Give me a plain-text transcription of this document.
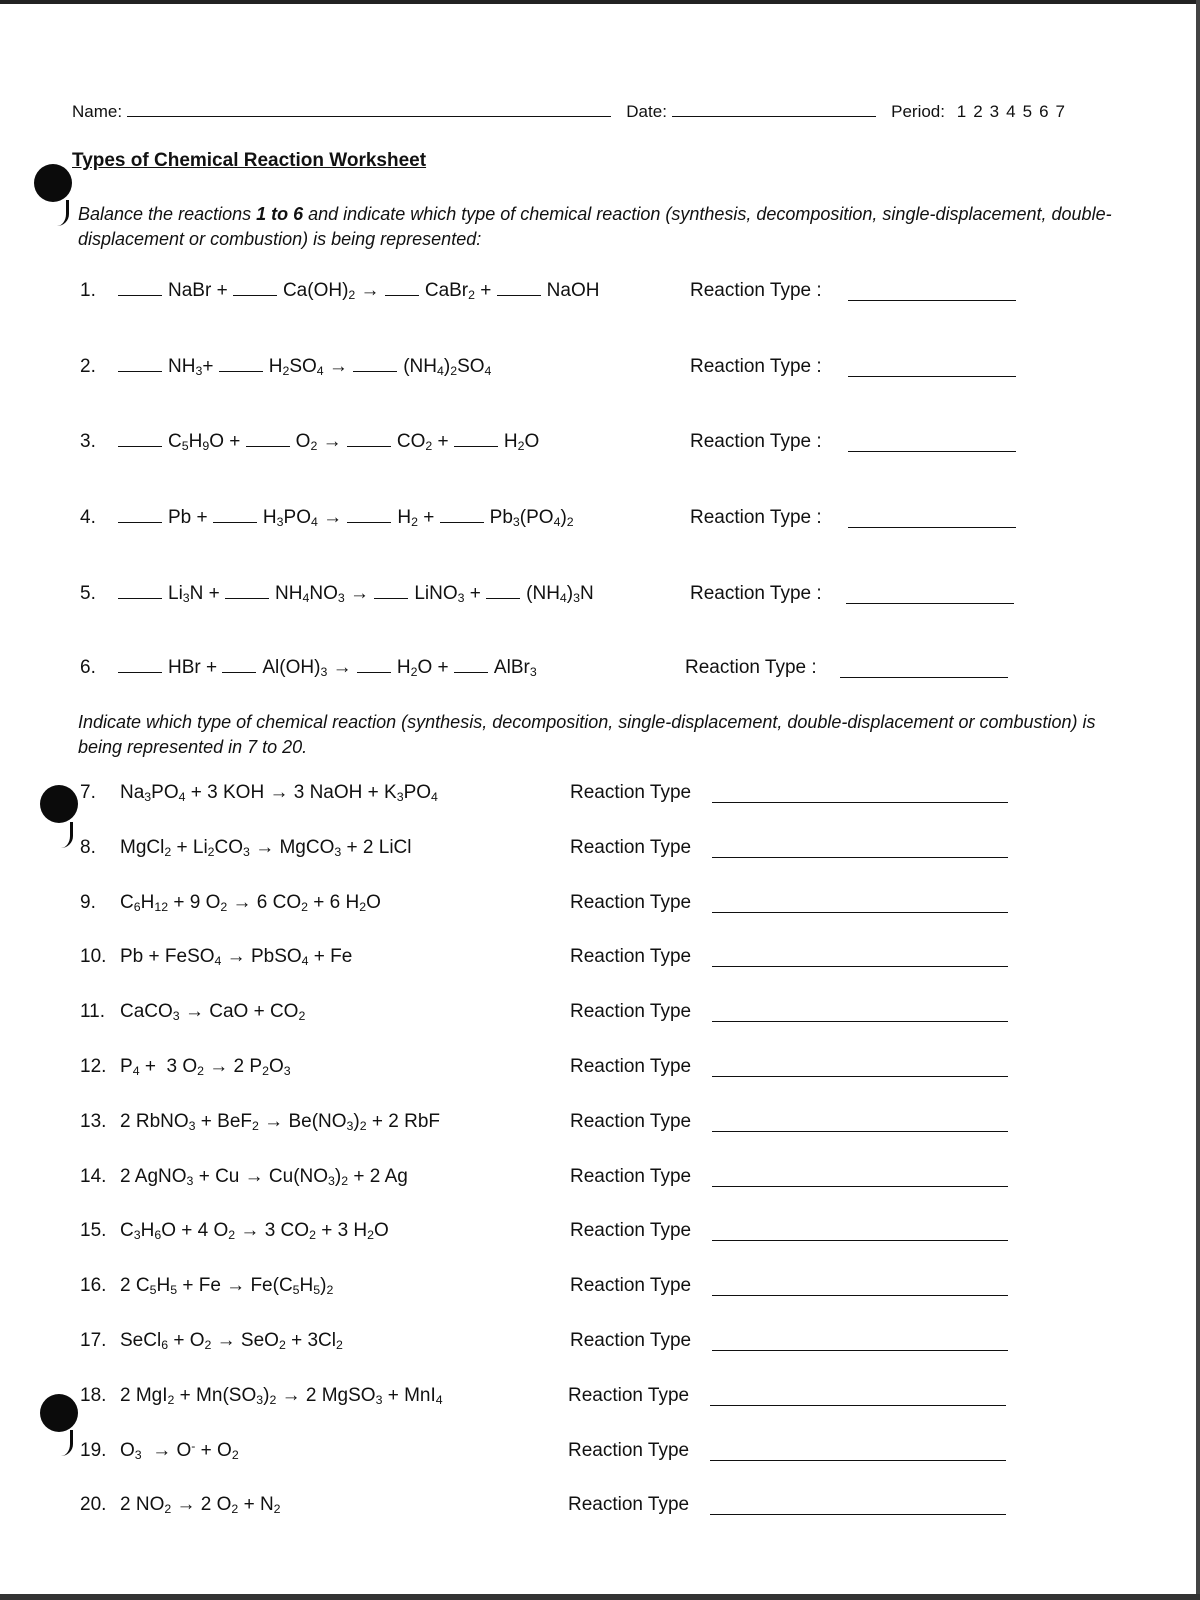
Name:	Date:	Period: 1 2 3 4 5 6 7
Types of Chemical Reaction Worksheet
Balance the reactions 1 to 6 and indicate which type of chemical reaction (synthesis, decomposition, single-displacement, double-displacement or combustion) is being represented:
1.	NaBr +	$Ca(OH)_2$ → CaBr$_2$ +	NaOH	Reaction Type :
2.	$NH_3+$	$H_2SO_4$ →	$(NH_4)_2SO_4$	Reaction Type :
3.	$C_5H_9O$ +	$O_2$ →	$CO_2$ +	$H_2O$	Reaction Type :
4.	Pb +	$H_3PO_4$ →	$H_2$ +	$Pb_3(PO_4)_2$	Reaction Type :
5.	$Li_3N$ +	$NH_4NO_3$ → LiNO$_3$ + $(NH_4)_3N$	Reaction Type :
6.	HBr + $Al(OH)_3 \to H_2O$ + AlBr$_3$	Reaction Type :
Indicate which type of chemical reaction (synthesis, decomposition, single-displacement, double-displacement or combustion) is being represented in 7 to 20.
7. $Na_3PO_4 + 3$ KOH → 3 NaOH + $K_3PO_4$	Reaction Type
8. MgCl$_2$ + $Li_2CO_3$ → MgCO$_3$ + 2 LiCl	Reaction Type
9. $C_6H_{12} + 9$ $O_2 \to 6$ $CO_2 + 6$ $H_2O$	Reaction Type
10. Pb + FeSO$_4$ → PbSO$_4$ + Fe	Reaction Type
11. CaCO$_3$ → CaO + $CO_2$	Reaction Type
12. $P_4 + 3$ $O_2 \to 2$ $P_2O_3$	Reaction Type
13. 2 RbNO$_3$ + $BeF_2 \to Be(NO_3)_2 + 2$ RbF	Reaction Type
14. 2 AgNO$_3$ + $Cu \to Cu(NO_3)_2 + 2$ Ag	Reaction Type
15. $C_3H_6O + 4$ $O_2 \to 3$ $CO_2 + 3$ $H_2O$	Reaction Type
16. 2 $C_5H_5 + Fe \to Fe(C_5H_5)_2$	Reaction Type
17. SeCl$_6$ + $O_2 \to SeO_2 + 3Cl_2$	Reaction Type
18. 2 $MgI_2 + Mn(SO_3)_2 \to 2$ MgSO$_3$ + MnI$_4$	Reaction Type
19. $O_3 \to O^- + O_2$	Reaction Type
20. 2 $NO_2 \to 2$ $O_2 + N_2$	Reaction Type
